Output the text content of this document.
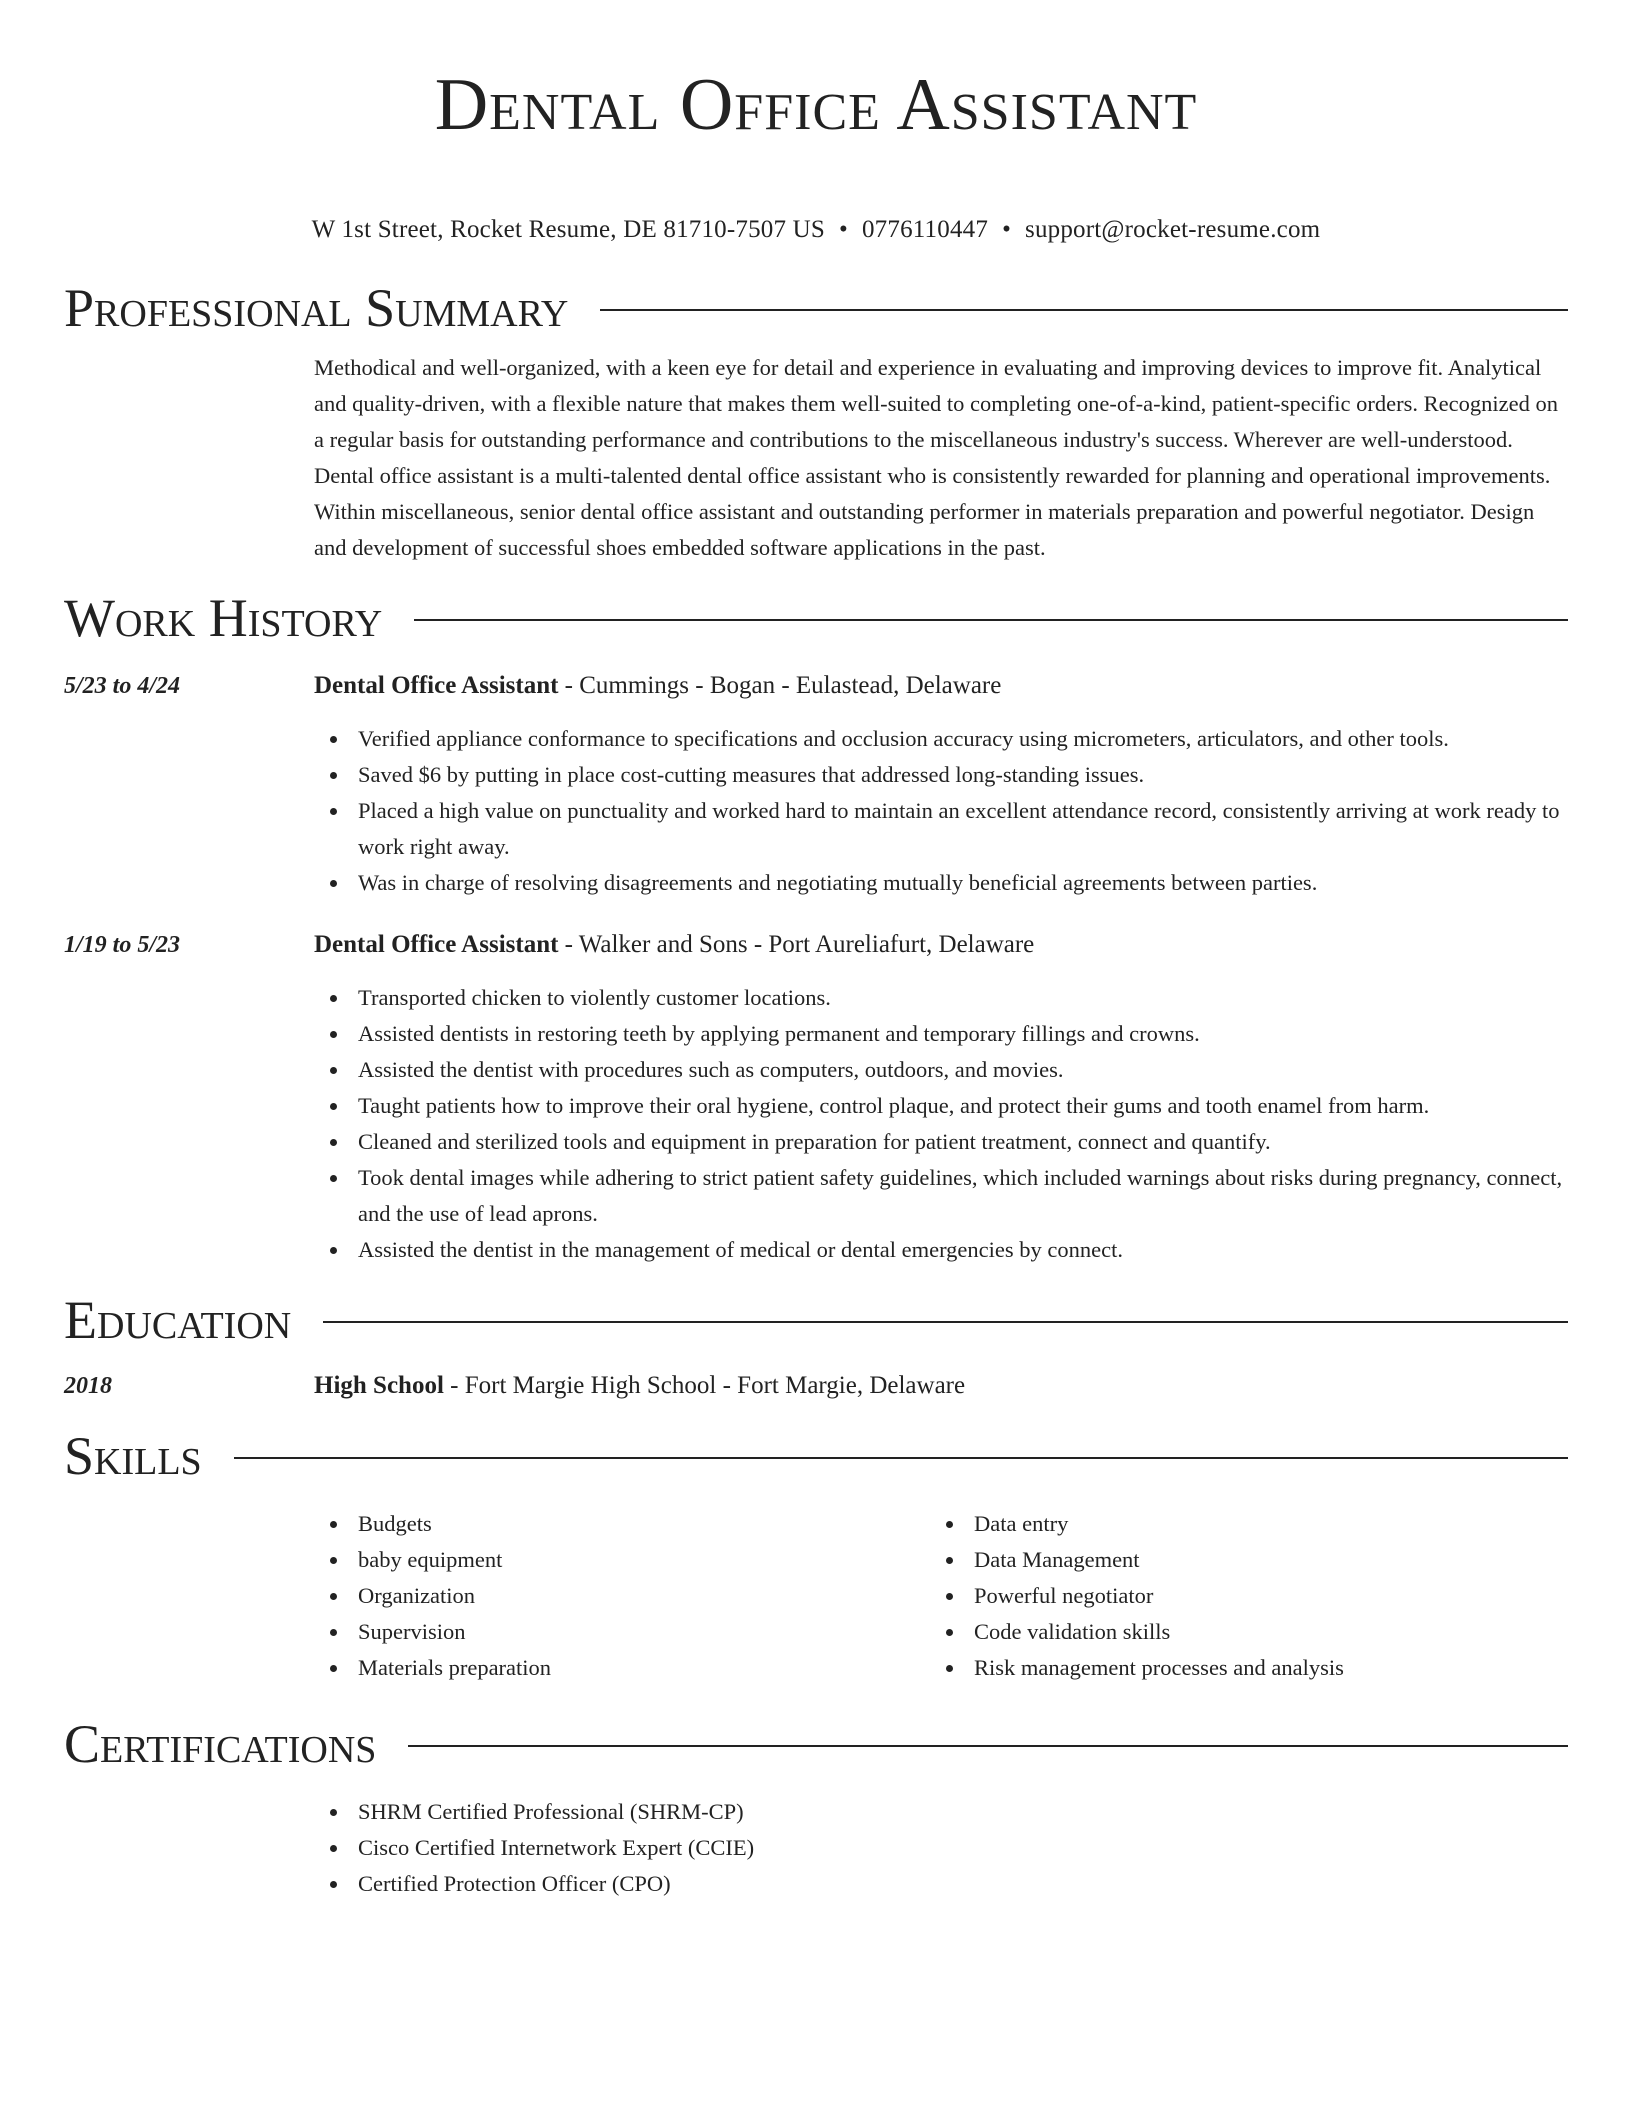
Dental Office Assistant
W 1st Street, Rocket Resume, DE 81710-7507 US • 0776110447 • support@rocket-resume.com
Professional Summary
Methodical and well-organized, with a keen eye for detail and experience in evaluating and improving devices to improve fit. Analytical and quality-driven, with a flexible nature that makes them well-suited to completing one-of-a-kind, patient-specific orders. Recognized on a regular basis for outstanding performance and contributions to the miscellaneous industry's success. Wherever are well-understood. Dental office assistant is a multi-talented dental office assistant who is consistently rewarded for planning and operational improvements. Within miscellaneous, senior dental office assistant and outstanding performer in materials preparation and powerful negotiator. Design and development of successful shoes embedded software applications in the past.
Work History
5/23 to 4/24	Dental Office Assistant - Cummings - Bogan - Eulastead, Delaware
Verified appliance conformance to specifications and occlusion accuracy using micrometers, articulators, and other tools.
Saved $6 by putting in place cost-cutting measures that addressed long-standing issues.
Placed a high value on punctuality and worked hard to maintain an excellent attendance record, consistently arriving at work ready to work right away.
Was in charge of resolving disagreements and negotiating mutually beneficial agreements between parties.
1/19 to 5/23	Dental Office Assistant - Walker and Sons - Port Aureliafurt, Delaware
Transported chicken to violently customer locations.
Assisted dentists in restoring teeth by applying permanent and temporary fillings and crowns.
Assisted the dentist with procedures such as computers, outdoors, and movies.
Taught patients how to improve their oral hygiene, control plaque, and protect their gums and tooth enamel from harm.
Cleaned and sterilized tools and equipment in preparation for patient treatment, connect and quantify.
Took dental images while adhering to strict patient safety guidelines, which included warnings about risks during pregnancy, connect, and the use of lead aprons.
Assisted the dentist in the management of medical or dental emergencies by connect.
Education
2018	High School - Fort Margie High School - Fort Margie, Delaware
Skills
Budgets
baby equipment
Organization
Supervision
Materials preparation
Data entry
Data Management
Powerful negotiator
Code validation skills
Risk management processes and analysis
Certifications
SHRM Certified Professional (SHRM-CP)
Cisco Certified Internetwork Expert (CCIE)
Certified Protection Officer (CPO)
